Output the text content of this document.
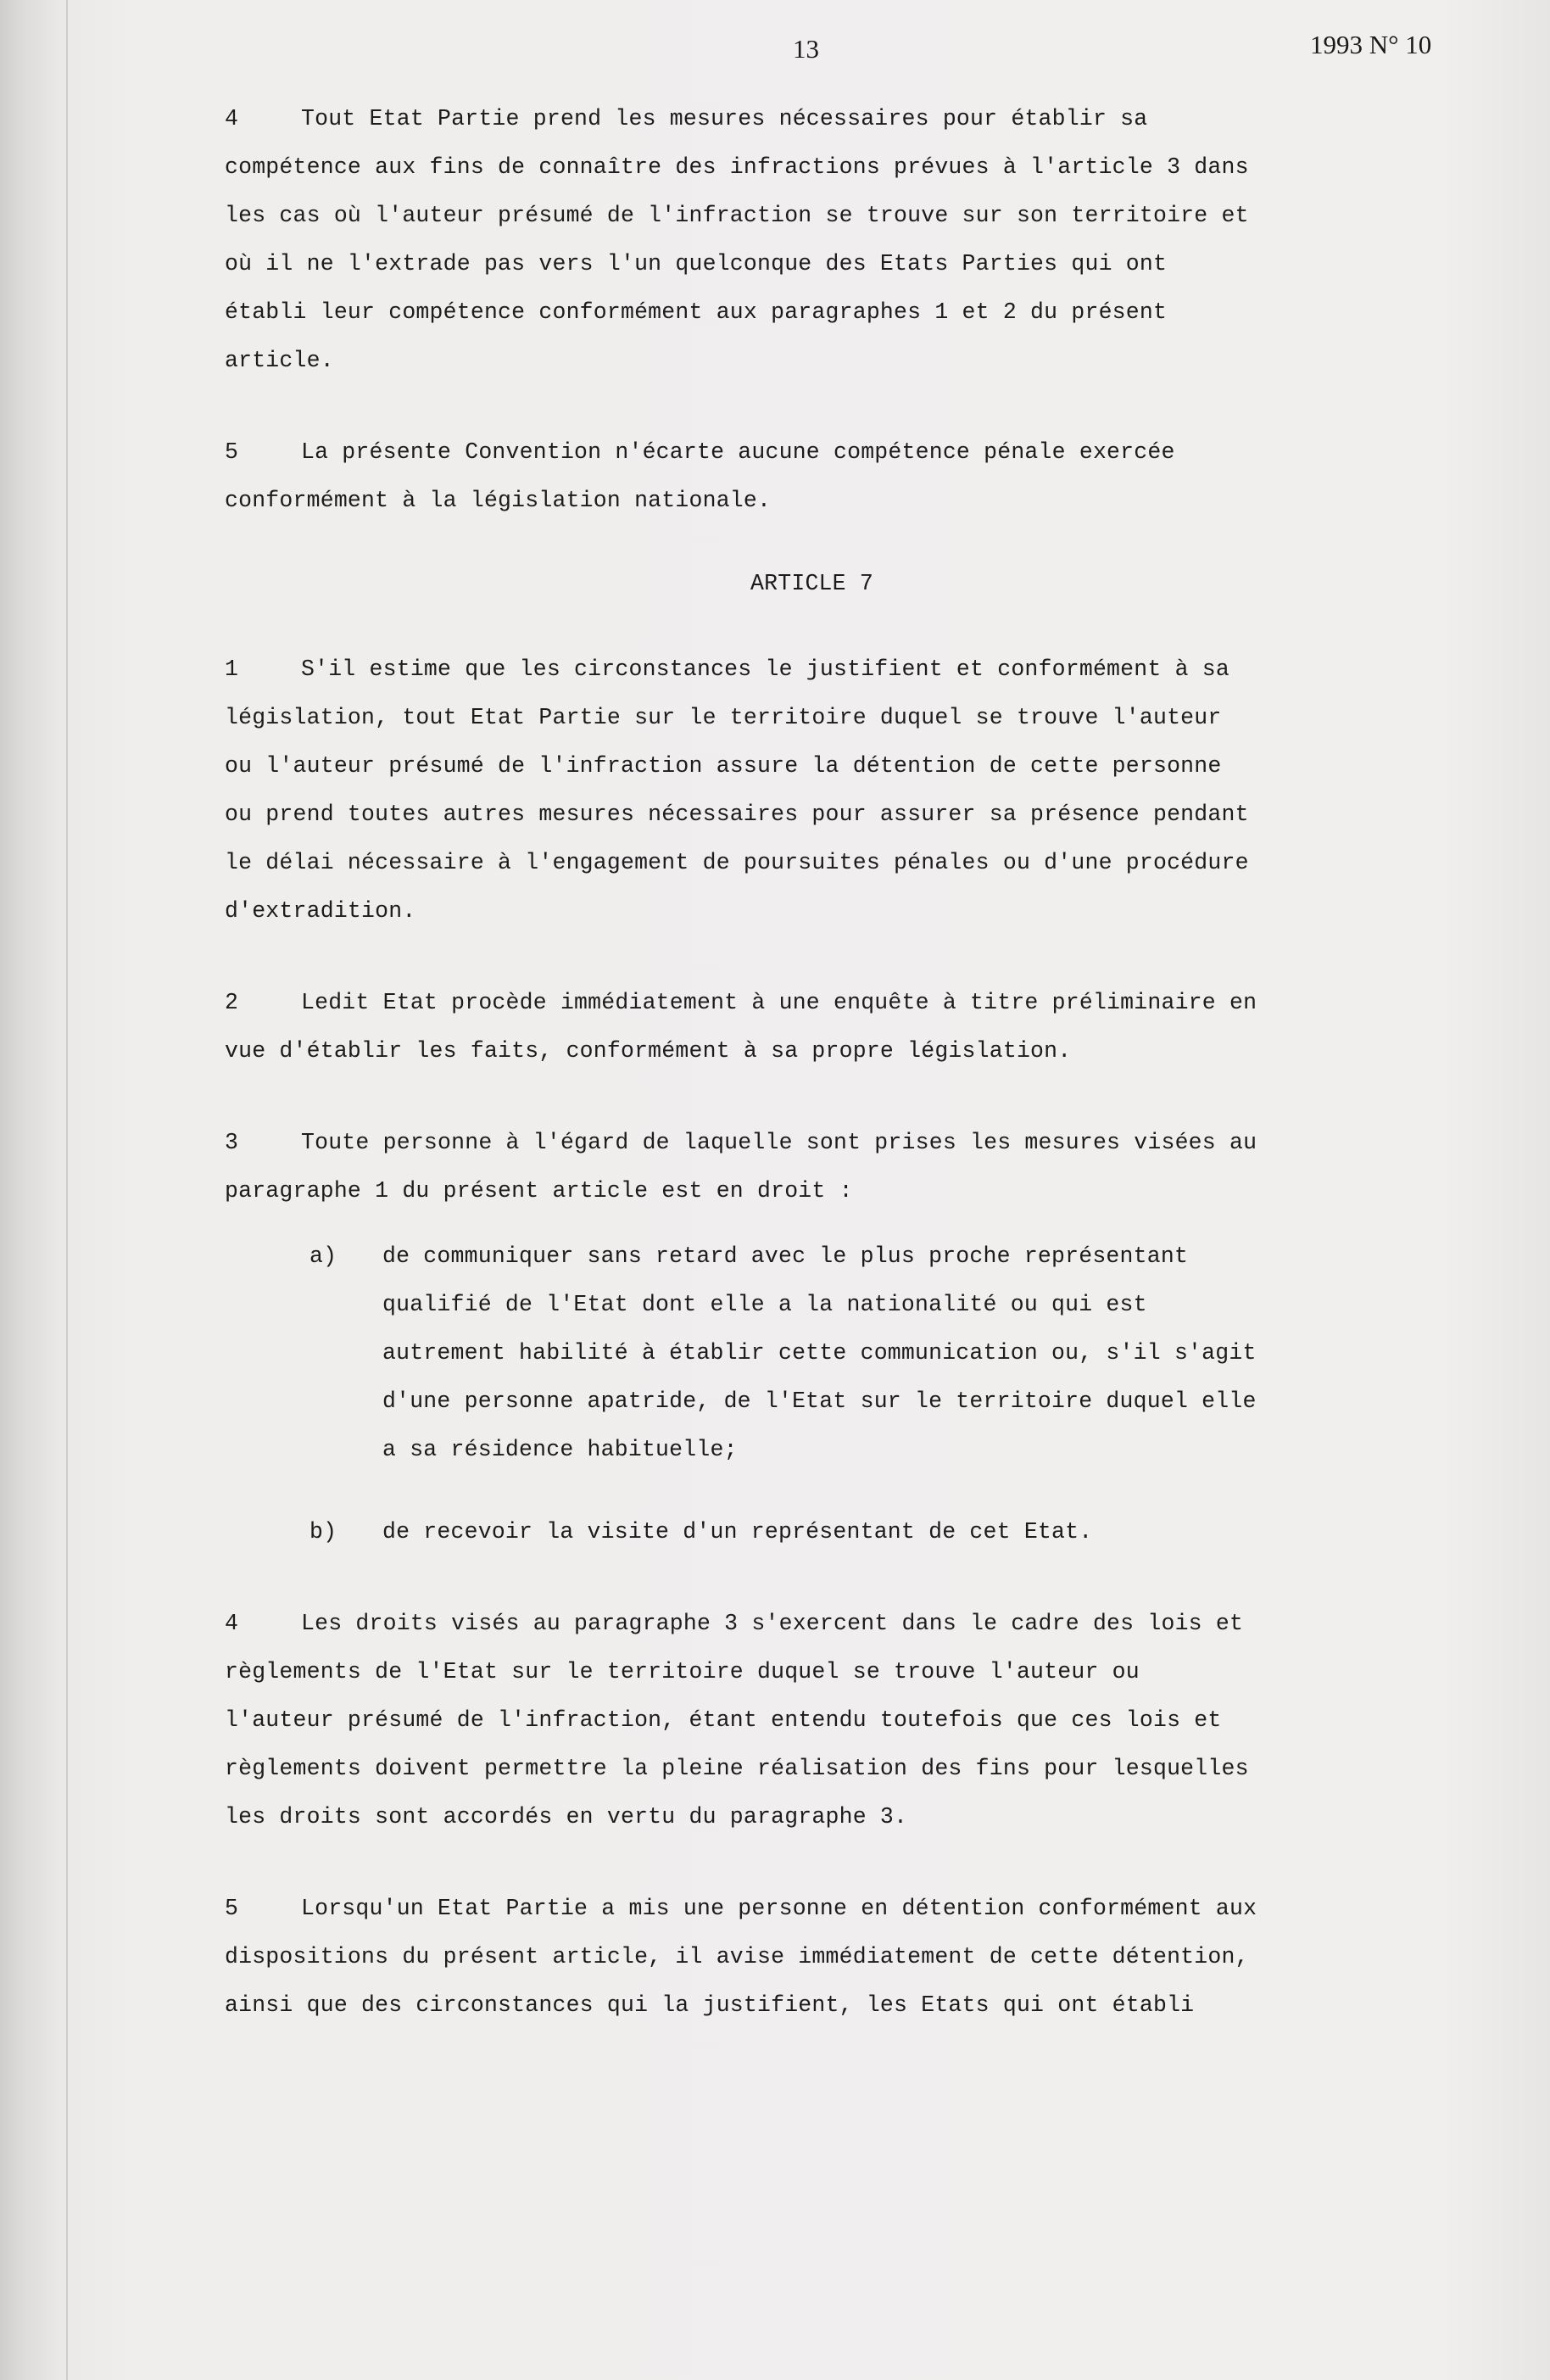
13	1993 N° 10
4	Tout Etat Partie prend les mesures nécessaires pour établir sa
compétence aux fins de connaître des infractions prévues à l'article 3 dans
les cas où l'auteur présumé de l'infraction se trouve sur son territoire et
où il ne l'extrade pas vers l'un quelconque des Etats Parties qui ont
établi leur compétence conformément aux paragraphes 1 et 2 du présent
article.
5	La présente Convention n'écarte aucune compétence pénale exercée
conformément à la législation nationale.
ARTICLE 7
1	S'il estime que les circonstances le justifient et conformément à sa
législation, tout Etat Partie sur le territoire duquel se trouve l'auteur
ou l'auteur présumé de l'infraction assure la détention de cette personne
ou prend toutes autres mesures nécessaires pour assurer sa présence pendant
le délai nécessaire à l'engagement de poursuites pénales ou d'une procédure
d'extradition.
2	Ledit Etat procède immédiatement à une enquête à titre préliminaire en
vue d'établir les faits, conformément à sa propre législation.
3	Toute personne à l'égard de laquelle sont prises les mesures visées au
paragraphe 1 du présent article est en droit :
a) de communiquer sans retard avec le plus proche représentant
qualifié de l'Etat dont elle a la nationalité ou qui est
autrement habilité à établir cette communication ou, s'il s'agit
d'une personne apatride, de l'Etat sur le territoire duquel elle
a sa résidence habituelle;
b) de recevoir la visite d'un représentant de cet Etat.
4	Les droits visés au paragraphe 3 s'exercent dans le cadre des lois et
règlements de l'Etat sur le territoire duquel se trouve l'auteur ou
l'auteur présumé de l'infraction, étant entendu toutefois que ces lois et
règlements doivent permettre la pleine réalisation des fins pour lesquelles
les droits sont accordés en vertu du paragraphe 3.
5	Lorsqu'un Etat Partie a mis une personne en détention conformément aux
dispositions du présent article, il avise immédiatement de cette détention,
ainsi que des circonstances qui la justifient, les Etats qui ont établi
